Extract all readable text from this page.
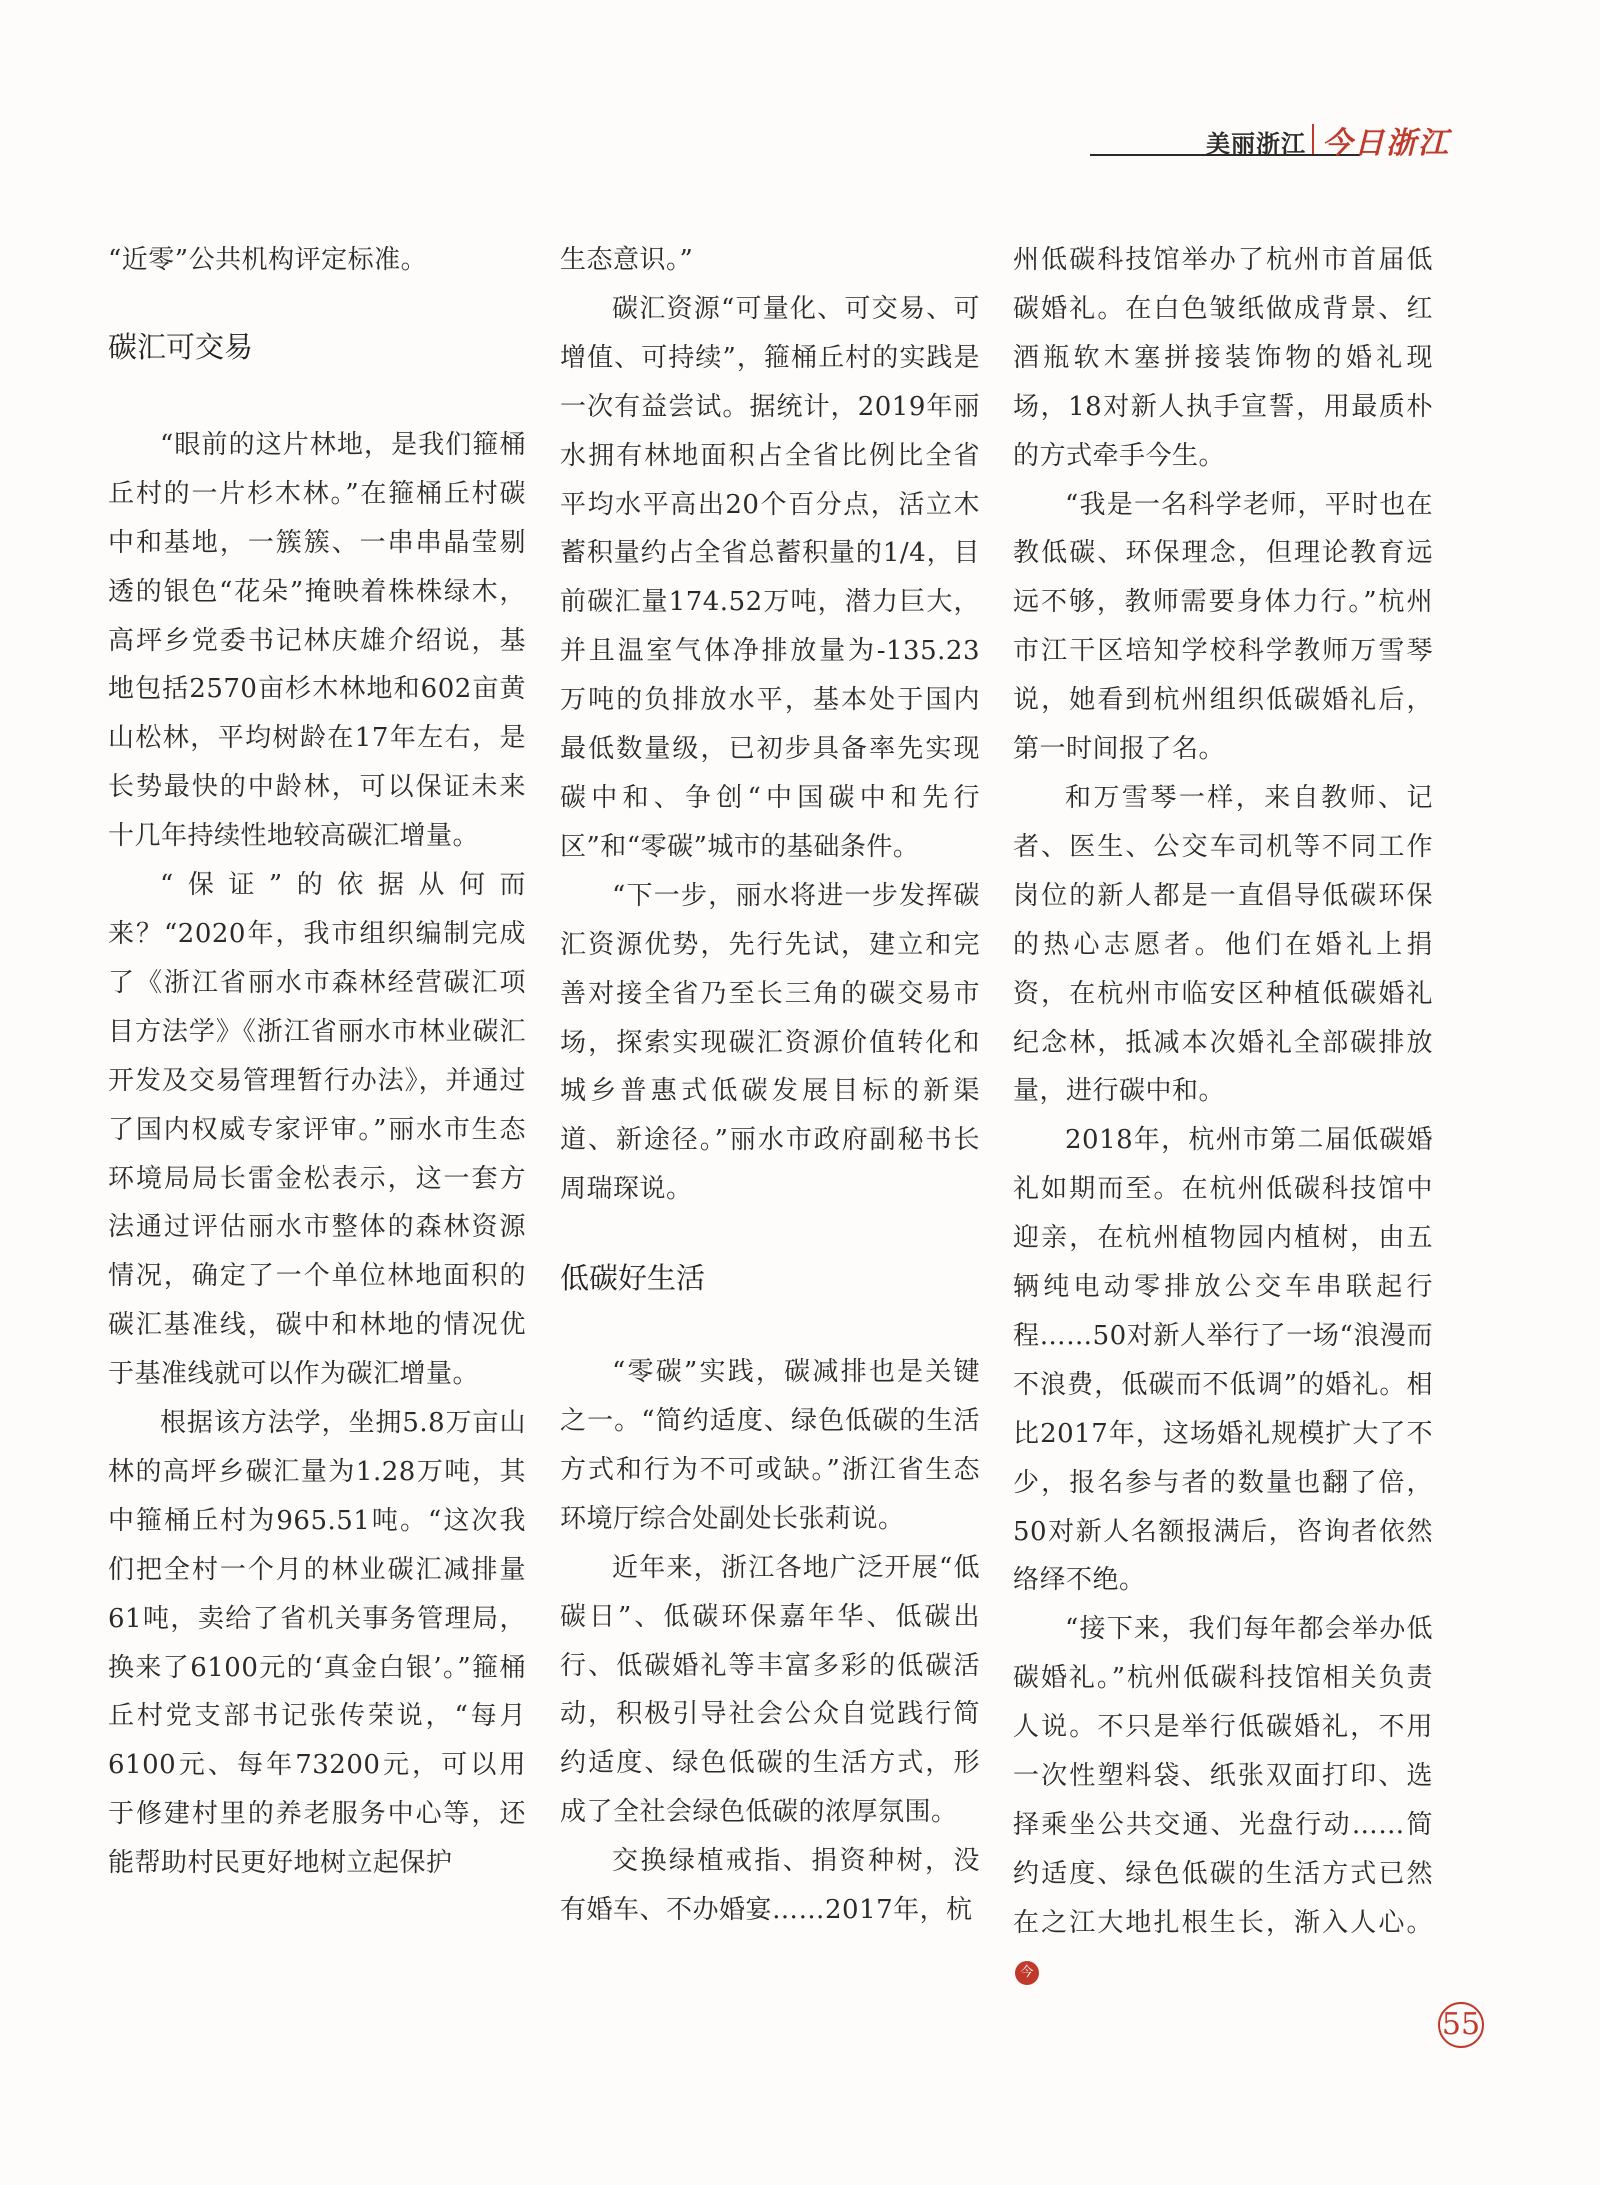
美丽浙江 今日浙江

“近零”公共机构评定标准。

碳汇可交易

“眼前的这片林地，是我们箍桶丘村的一片杉木林。”在箍桶丘村碳中和基地，一簇簇、一串串晶莹剔透的银色“花朵”掩映着株株绿木，高坪乡党委书记林庆雄介绍说，基地包括2570亩杉木林地和602亩黄山松林，平均树龄在17年左右，是长势最快的中龄林，可以保证未来十几年持续性地较高碳汇增量。

“保证”的依据从何而来？“2020年，我市组织编制完成了《浙江省丽水市森林经营碳汇项目方法学》《浙江省丽水市林业碳汇开发及交易管理暂行办法》，并通过了国内权威专家评审。”丽水市生态环境局局长雷金松表示，这一套方法通过评估丽水市整体的森林资源情况，确定了一个单位林地面积的碳汇基准线，碳中和林地的情况优于基准线就可以作为碳汇增量。

根据该方法学，坐拥5.8万亩山林的高坪乡碳汇量为1.28万吨，其中箍桶丘村为965.51吨。“这次我们把全村一个月的林业碳汇减排量61吨，卖给了省机关事务管理局，换来了6100元的‘真金白银’。”箍桶丘村党支部书记张传荣说，“每月6100元、每年73200元，可以用于修建村里的养老服务中心等，还能帮助村民更好地树立起保护

生态意识。”

碳汇资源“可量化、可交易、可增值、可持续”，箍桶丘村的实践是一次有益尝试。据统计，2019年丽水拥有林地面积占全省比例比全省平均水平高出20个百分点，活立木蓄积量约占全省总蓄积量的1/4，目前碳汇量174.52万吨，潜力巨大，并且温室气体净排放量为-135.23万吨的负排放水平，基本处于国内最低数量级，已初步具备率先实现碳中和、争创“中国碳中和先行区”和“零碳”城市的基础条件。

“下一步，丽水将进一步发挥碳汇资源优势，先行先试，建立和完善对接全省乃至长三角的碳交易市场，探索实现碳汇资源价值转化和城乡普惠式低碳发展目标的新渠道、新途径。”丽水市政府副秘书长周瑞琛说。

低碳好生活

“零碳”实践，碳减排也是关键之一。“简约适度、绿色低碳的生活方式和行为不可或缺。”浙江省生态环境厅综合处副处长张莉说。

近年来，浙江各地广泛开展“低碳日”、低碳环保嘉年华、低碳出行、低碳婚礼等丰富多彩的低碳活动，积极引导社会公众自觉践行简约适度、绿色低碳的生活方式，形成了全社会绿色低碳的浓厚氛围。

交换绿植戒指、捐资种树，没有婚车、不办婚宴……2017年，杭

州低碳科技馆举办了杭州市首届低碳婚礼。在白色皱纸做成背景、红酒瓶软木塞拼接装饰物的婚礼现场，18对新人执手宣誓，用最质朴的方式牵手今生。

“我是一名科学老师，平时也在教低碳、环保理念，但理论教育远远不够，教师需要身体力行。”杭州市江干区培知学校科学教师万雪琴说，她看到杭州组织低碳婚礼后，第一时间报了名。

和万雪琴一样，来自教师、记者、医生、公交车司机等不同工作岗位的新人都是一直倡导低碳环保的热心志愿者。他们在婚礼上捐资，在杭州市临安区种植低碳婚礼纪念林，抵减本次婚礼全部碳排放量，进行碳中和。

2018年，杭州市第二届低碳婚礼如期而至。在杭州低碳科技馆中迎亲，在杭州植物园内植树，由五辆纯电动零排放公交车串联起行程……50对新人举行了一场“浪漫而不浪费，低碳而不低调”的婚礼。相比2017年，这场婚礼规模扩大了不少，报名参与者的数量也翻了倍，50对新人名额报满后，咨询者依然络绎不绝。

“接下来，我们每年都会举办低碳婚礼。”杭州低碳科技馆相关负责人说。不只是举行低碳婚礼，不用一次性塑料袋、纸张双面打印、选择乘坐公共交通、光盘行动……简约适度、绿色低碳的生活方式已然在之江大地扎根生长，渐入人心。今

55
